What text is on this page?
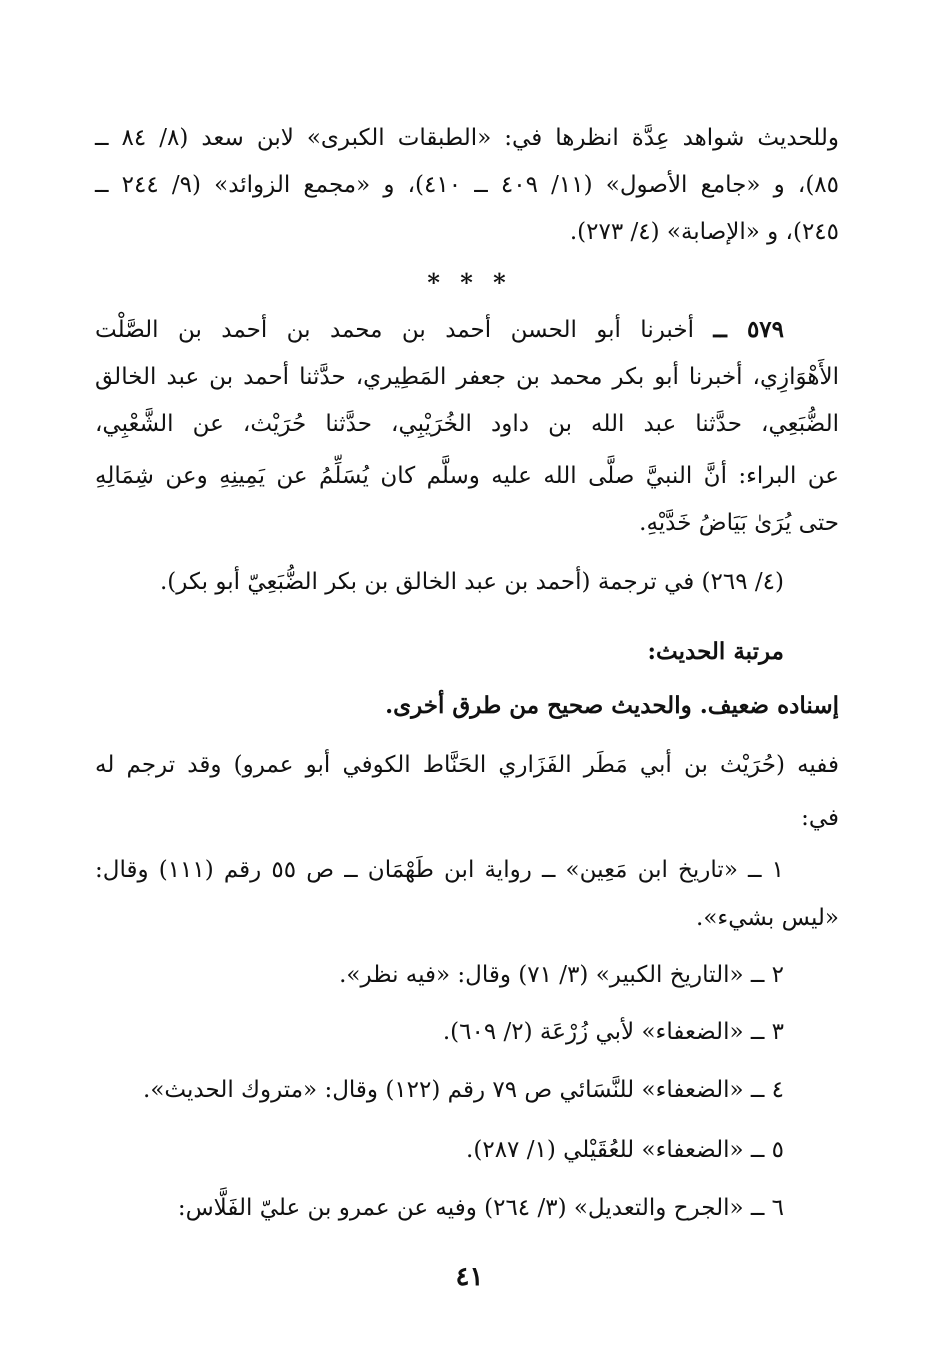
وللحديث شواهد عِدَّة انظرها في: «الطبقات الكبرى» لابن سعد (٨/ ٨٤ ــ
٨٥)، و «جامع الأصول» (١١/ ٤٠٩ ــ ٤١٠)، و «مجمع الزوائد» (٩/ ٢٤٤ ــ
٢٤٥)، و «الإصابة» (٤/ ٢٧٣).
* * *
٥٧٩ ــ أخبرنا أبو الحسن أحمد بن محمد بن أحمد بن الصَّلْت
الأَهْوَازِي، أخبرنا أبو بكر محمد بن جعفر المَطِيري، حدَّثنا أحمد بن عبد الخالق
الضُّبَعِي، حدَّثنا عبد الله بن داود الخُرَيْبِي، حدَّثنا حُرَيْث، عن الشَّعْبِي،
عن البراء: أنَّ النبيَّ صلَّى الله عليه وسلَّم كان يُسَلِّمُ عن يَمِينِهِ وعن شِمَالِهِ
حتى يُرَىٰ بَيَاضُ خَدَّيْهِ.
(٤/ ٢٦٩) في ترجمة (أحمد بن عبد الخالق بن بكر الضُّبَعِيّ أبو بكر).
مرتبة الحديث:
إسناده ضعيف. والحديث صحيح من طرق أخرى.
ففيه (حُرَيْث بن أبي مَطَر الفَزَاري الحَنَّاط الكوفي أبو عمرو) وقد ترجم له
في:
١ ــ «تاريخ ابن مَعِين» ــ رواية ابن طَهْمَان ــ ص ٥٥ رقم (١١١) وقال:
«ليس بشيء».
٢ ــ «التاريخ الكبير» (٣/ ٧١) وقال: «فيه نظر».
٣ ــ «الضعفاء» لأبي زُرْعَة (٢/ ٦٠٩).
٤ ــ «الضعفاء» للنَّسَائي ص ٧٩ رقم (١٢٢) وقال: «متروك الحديث».
٥ ــ «الضعفاء» للعُقَيْلي (١/ ٢٨٧).
٦ ــ «الجرح والتعديل» (٣/ ٢٦٤) وفيه عن عمرو بن عليّ الفَلَّاس:
٤١
